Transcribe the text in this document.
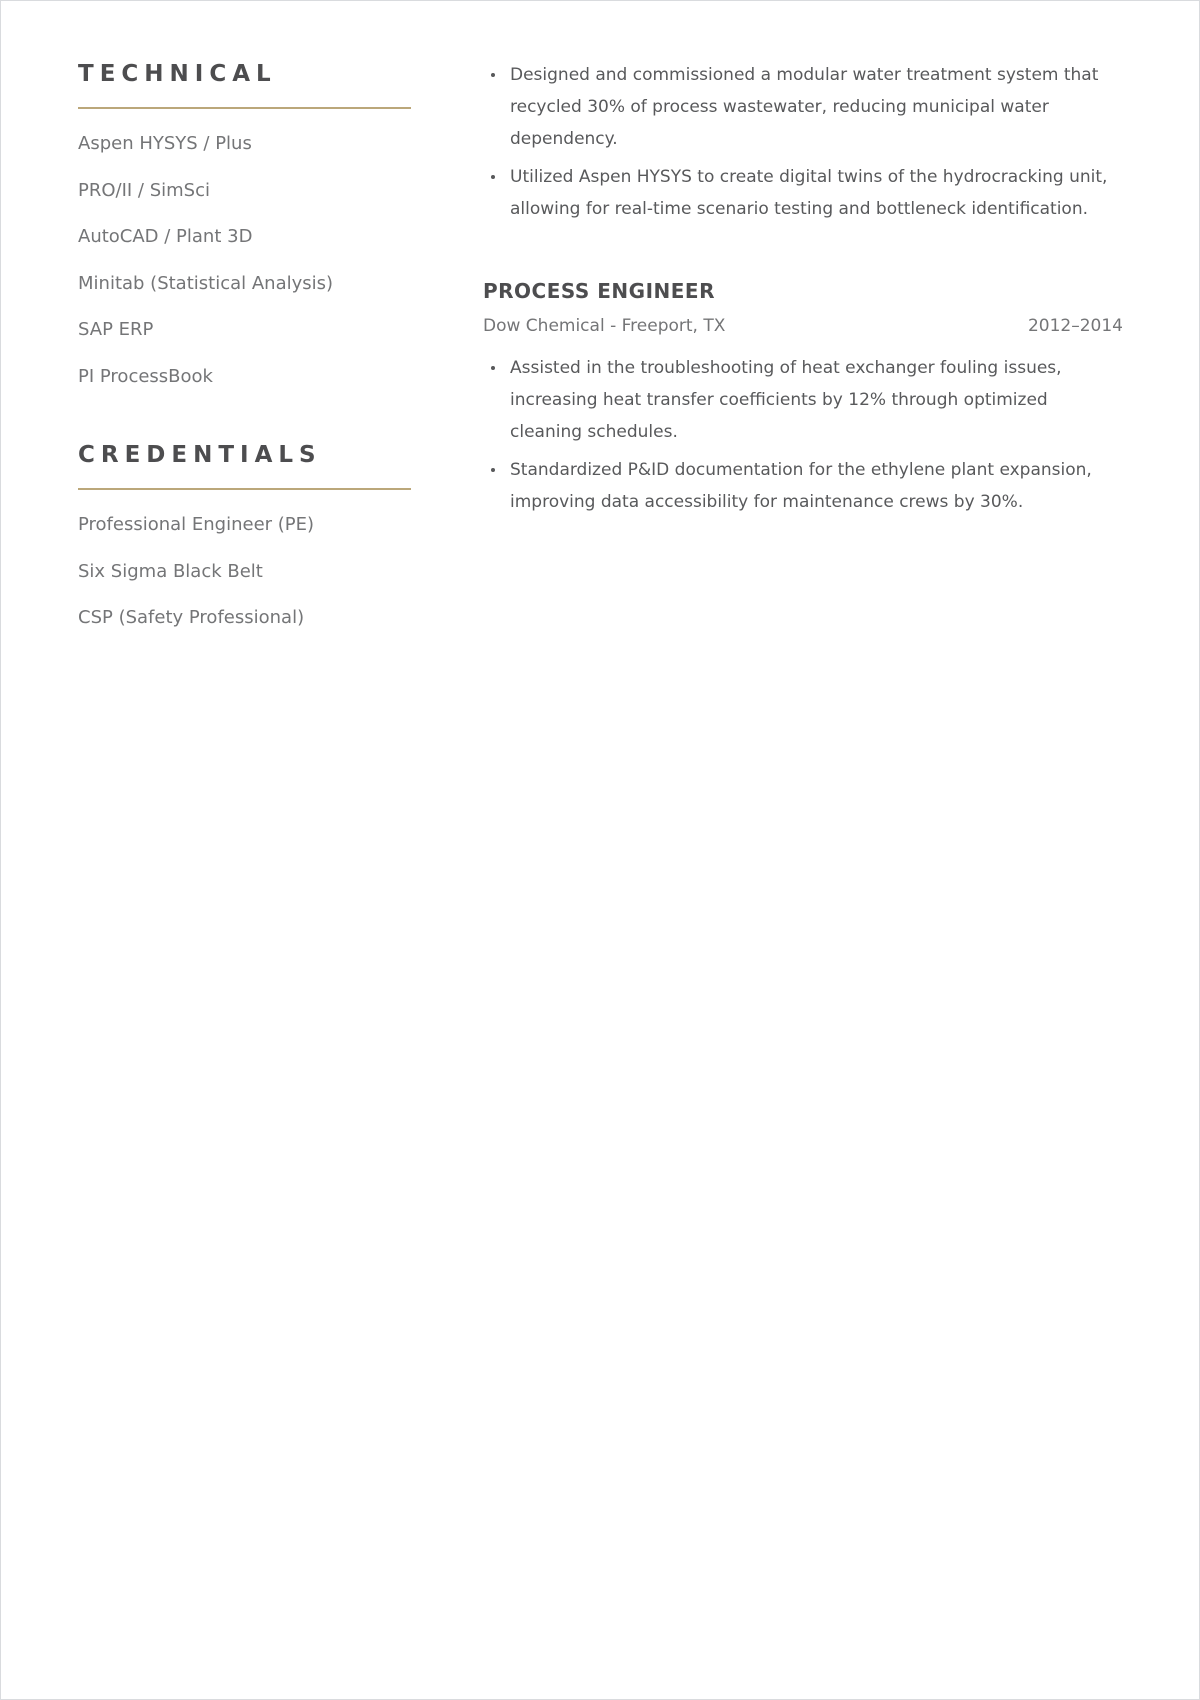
TECHNICAL
Aspen HYSYS / Plus
PRO/II / SimSci
AutoCAD / Plant 3D
Minitab (Statistical Analysis)
SAP ERP
PI ProcessBook
CREDENTIALS
Professional Engineer (PE)
Six Sigma Black Belt
CSP (Safety Professional)
Designed and commissioned a modular water treatment system that recycled 30% of process wastewater, reducing municipal water dependency.
Utilized Aspen HYSYS to create digital twins of the hydrocracking unit, allowing for real-time scenario testing and bottleneck identification.
PROCESS ENGINEER
Dow Chemical - Freeport, TX	2012–2014
Assisted in the troubleshooting of heat exchanger fouling issues, increasing heat transfer coefficients by 12% through optimized cleaning schedules.
Standardized P&ID documentation for the ethylene plant expansion, improving data accessibility for maintenance crews by 30%.
